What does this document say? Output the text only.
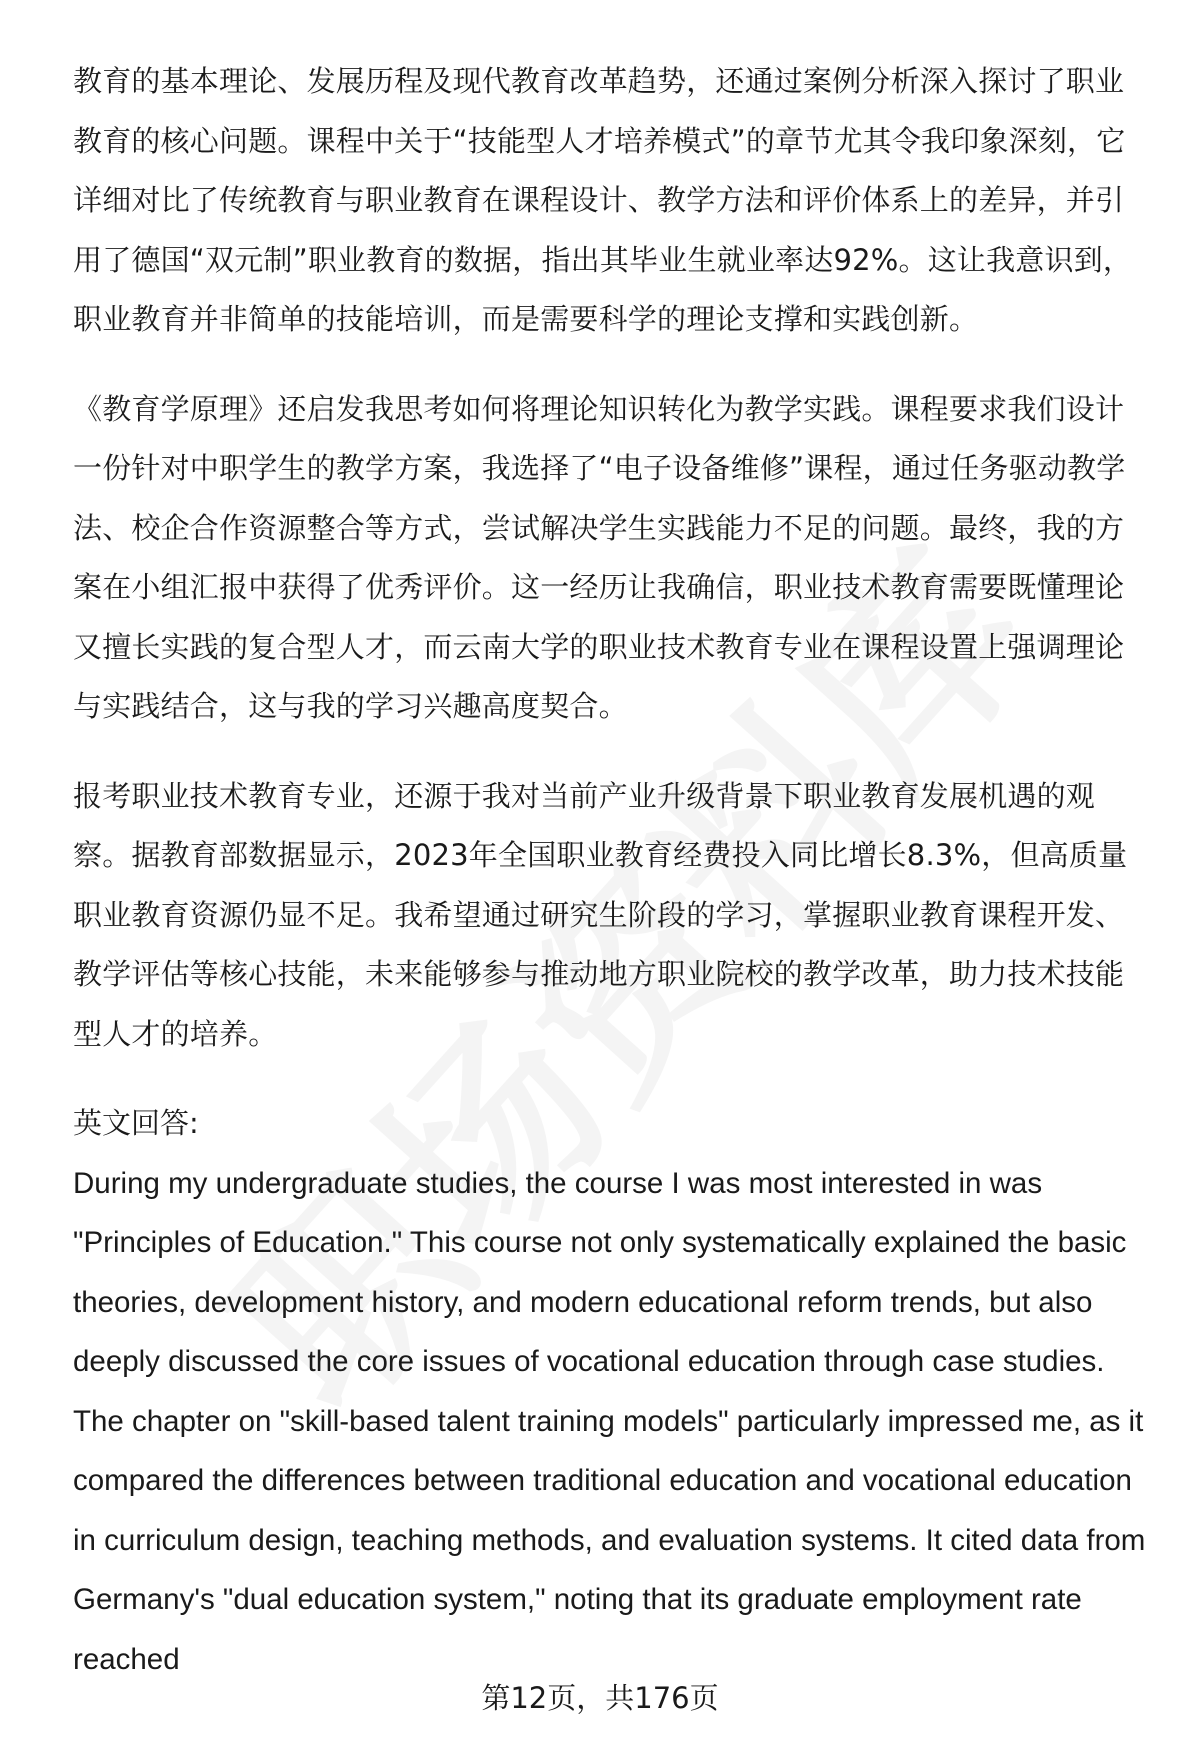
教育的基本理论、发展历程及现代教育改革趋势，还通过案例分析深入探讨了职业教育的核心问题。课程中关于“技能型人才培养模式”的章节尤其令我印象深刻，它详细对比了传统教育与职业教育在课程设计、教学方法和评价体系上的差异，并引用了德国“双元制”职业教育的数据，指出其毕业生就业率达92%。这让我意识到，职业教育并非简单的技能培训，而是需要科学的理论支撑和实践创新。

《教育学原理》还启发我思考如何将理论知识转化为教学实践。课程要求我们设计一份针对中职学生的教学方案，我选择了“电子设备维修”课程，通过任务驱动教学法、校企合作资源整合等方式，尝试解决学生实践能力不足的问题。最终，我的方案在小组汇报中获得了优秀评价。这一经历让我确信，职业技术教育需要既懂理论又擅长实践的复合型人才，而云南大学的职业技术教育专业在课程设置上强调理论与实践结合，这与我的学习兴趣高度契合。

报考职业技术教育专业，还源于我对当前产业升级背景下职业教育发展机遇的观察。据教育部数据显示，2023年全国职业教育经费投入同比增长8.3%，但高质量职业教育资源仍显不足。我希望通过研究生阶段的学习，掌握职业教育课程开发、教学评估等核心技能，未来能够参与推动地方职业院校的教学改革，助力技术技能型人才的培养。

英文回答:

During my undergraduate studies, the course I was most interested in was "Principles of Education." This course not only systematically explained the basic theories, development history, and modern educational reform trends, but also deeply discussed the core issues of vocational education through case studies. The chapter on "skill-based talent training models" particularly impressed me, as it compared the differences between traditional education and vocational education in curriculum design, teaching methods, and evaluation systems. It cited data from Germany's "dual education system," noting that its graduate employment rate reached

第12页，共176页
